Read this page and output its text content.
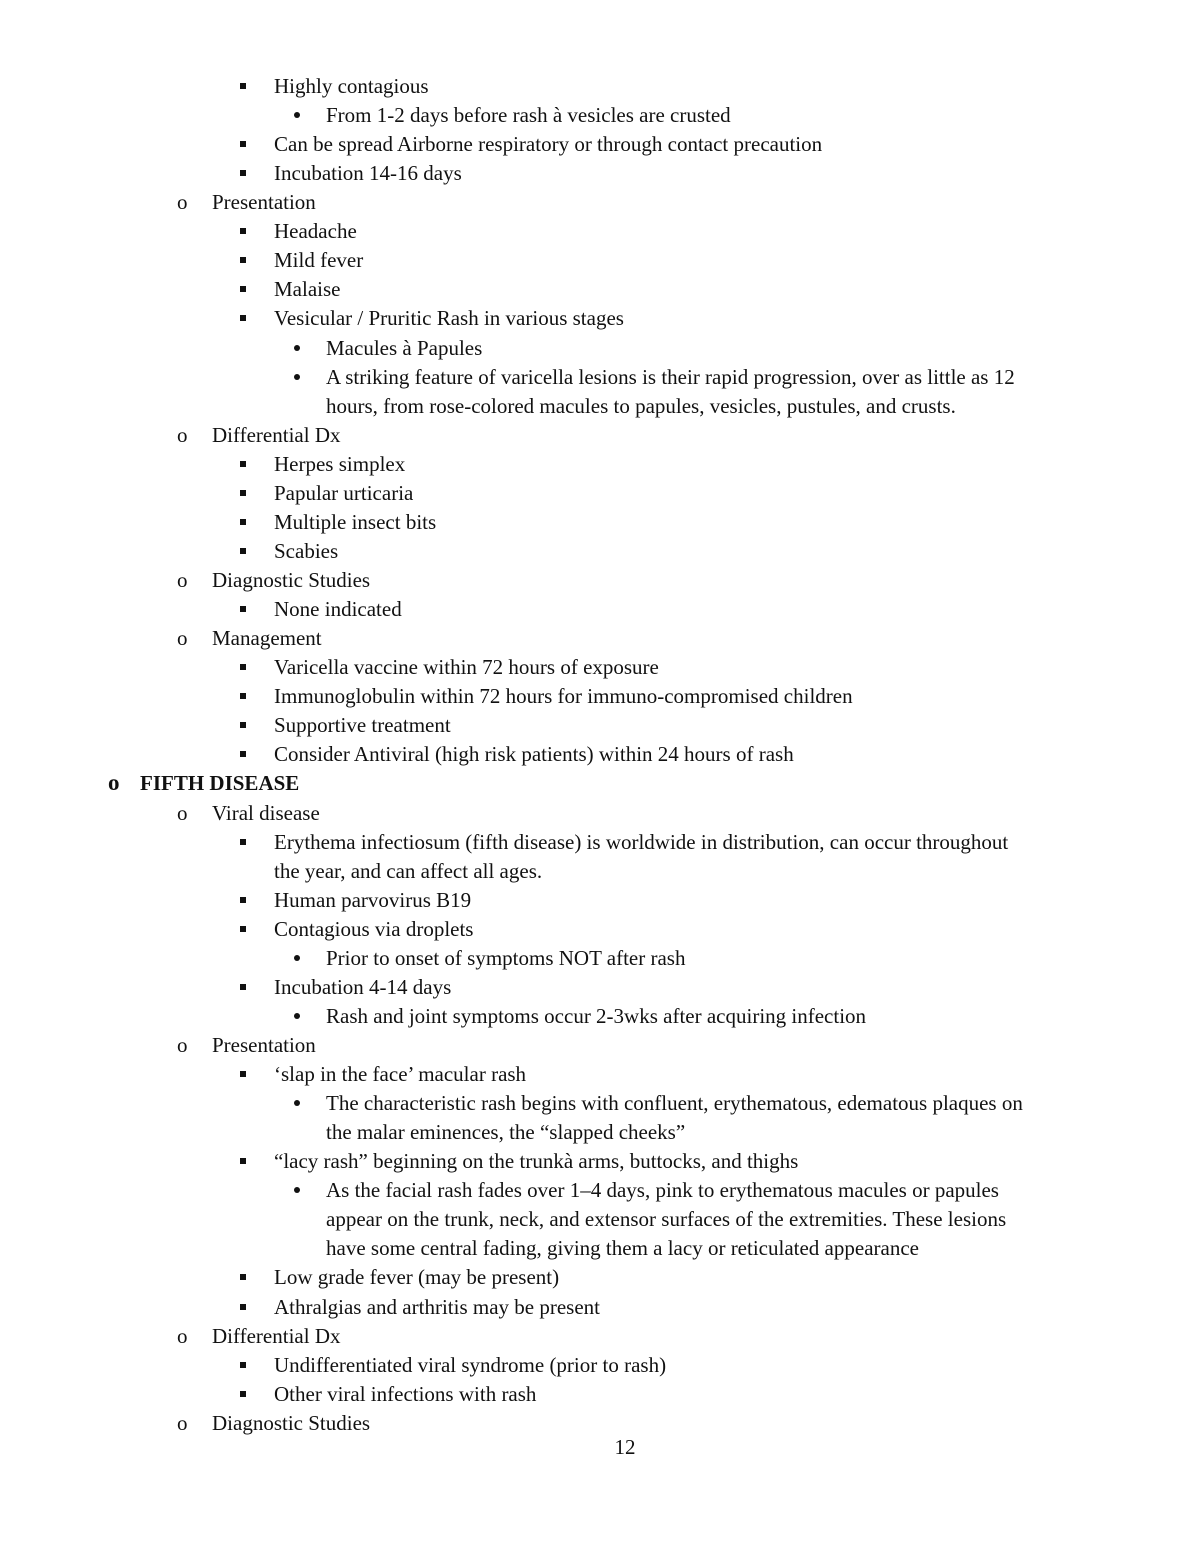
Highly contagious
From 1-2 days before rash à vesicles are crusted
Can be spread Airborne respiratory or through contact precaution
Incubation 14-16 days
o Presentation
Headache
Mild fever
Malaise
Vesicular / Pruritic Rash in various stages
Macules à Papules
A striking feature of varicella lesions is their rapid progression, over as little as 12
hours, from rose-colored macules to papules, vesicles, pustules, and crusts.
o Differential Dx
Herpes simplex
Papular urticaria
Multiple insect bits
Scabies
o Diagnostic Studies
None indicated
o Management
Varicella vaccine within 72 hours of exposure
Immunoglobulin within 72 hours for immuno-compromised children
Supportive treatment
Consider Antiviral (high risk patients) within 24 hours of rash
o FIFTH DISEASE
o Viral disease
Erythema infectiosum (fifth disease) is worldwide in distribution, can occur throughout
the year, and can affect all ages.
Human parvovirus B19
Contagious via droplets
Prior to onset of symptoms NOT after rash
Incubation 4-14 days
Rash and joint symptoms occur 2-3wks after acquiring infection
o Presentation
‘slap in the face’ macular rash
The characteristic rash begins with confluent, erythematous, edematous plaques on
the malar eminences, the “slapped cheeks”
“lacy rash” beginning on the trunkà arms, buttocks, and thighs
As the facial rash fades over 1–4 days, pink to erythematous macules or papules
appear on the trunk, neck, and extensor surfaces of the extremities. These lesions
have some central fading, giving them a lacy or reticulated appearance
Low grade fever (may be present)
Athralgias and arthritis may be present
o Differential Dx
Undifferentiated viral syndrome (prior to rash)
Other viral infections with rash
o Diagnostic Studies
12
